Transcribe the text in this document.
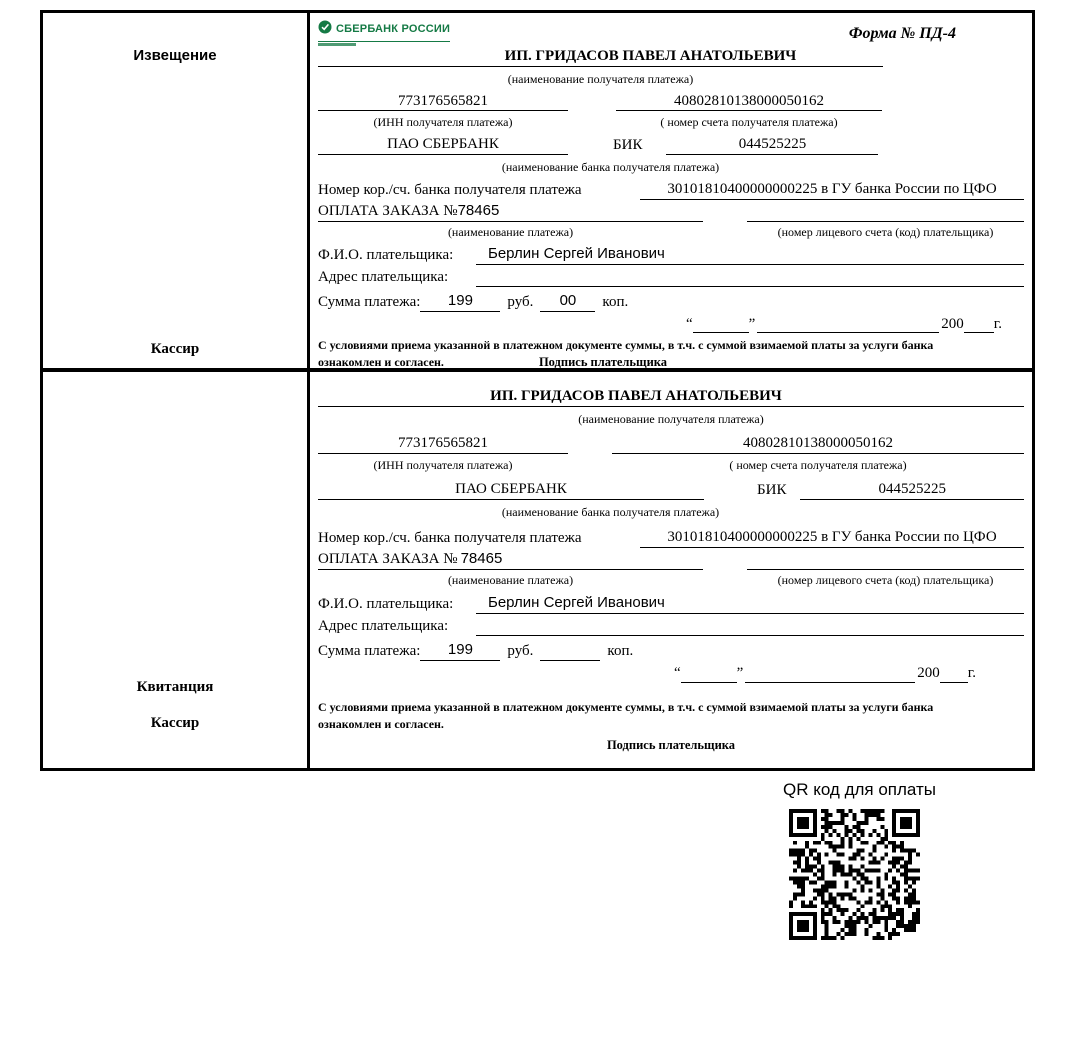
Извещение
Кассир
СБЕРБАНК РОССИИ	Форма № ПД-4
ИП. ГРИДАСОВ ПАВЕЛ АНАТОЛЬЕВИЧ
(наименование получателя платежа)
773176565821	40802810138000050162
(ИНН получателя платежа)	( номер счета получателя платежа)
ПАО СБЕРБАНК	БИК	044525225
(наименование банка получателя платежа)
Номер кор./сч. банка получателя платежа	30101810400000000225 в ГУ банка России по ЦФО
ОПЛАТА ЗАКАЗА №78465
(наименование платежа)	(номер лицевого счета (код) плательщика)
Ф.И.О. плательщика:	Берлин Сергей Иванович
Адрес плательщика:
Сумма платежа:	199	руб.	00	коп.
“	”	200 г.
С условиями приема указанной в платежном документе суммы, в т.ч. с суммой взимаемой платы за услуги банка
ознакомлен и согласен.	Подпись плательщика
Квитанция
Кассир
ИП. ГРИДАСОВ ПАВЕЛ АНАТОЛЬЕВИЧ
(наименование получателя платежа)
773176565821	40802810138000050162
(ИНН получателя платежа)	( номер счета получателя платежа)
ПАО СБЕРБАНК	БИК	044525225
(наименование банка получателя платежа)
Номер кор./сч. банка получателя платежа	30101810400000000225 в ГУ банка России по ЦФО
ОПЛАТА ЗАКАЗА № 78465
(наименование платежа)	(номер лицевого счета (код) плательщика)
Ф.И.О. плательщика:	Берлин Сергей Иванович
Адрес плательщика:
Сумма платежа:	199	руб.	коп.
“	”	200 г.
С условиями приема указанной в платежном документе суммы, в т.ч. с суммой взимаемой платы за услуги банка
ознакомлен и согласен.
Подпись плательщика
QR код для оплаты
